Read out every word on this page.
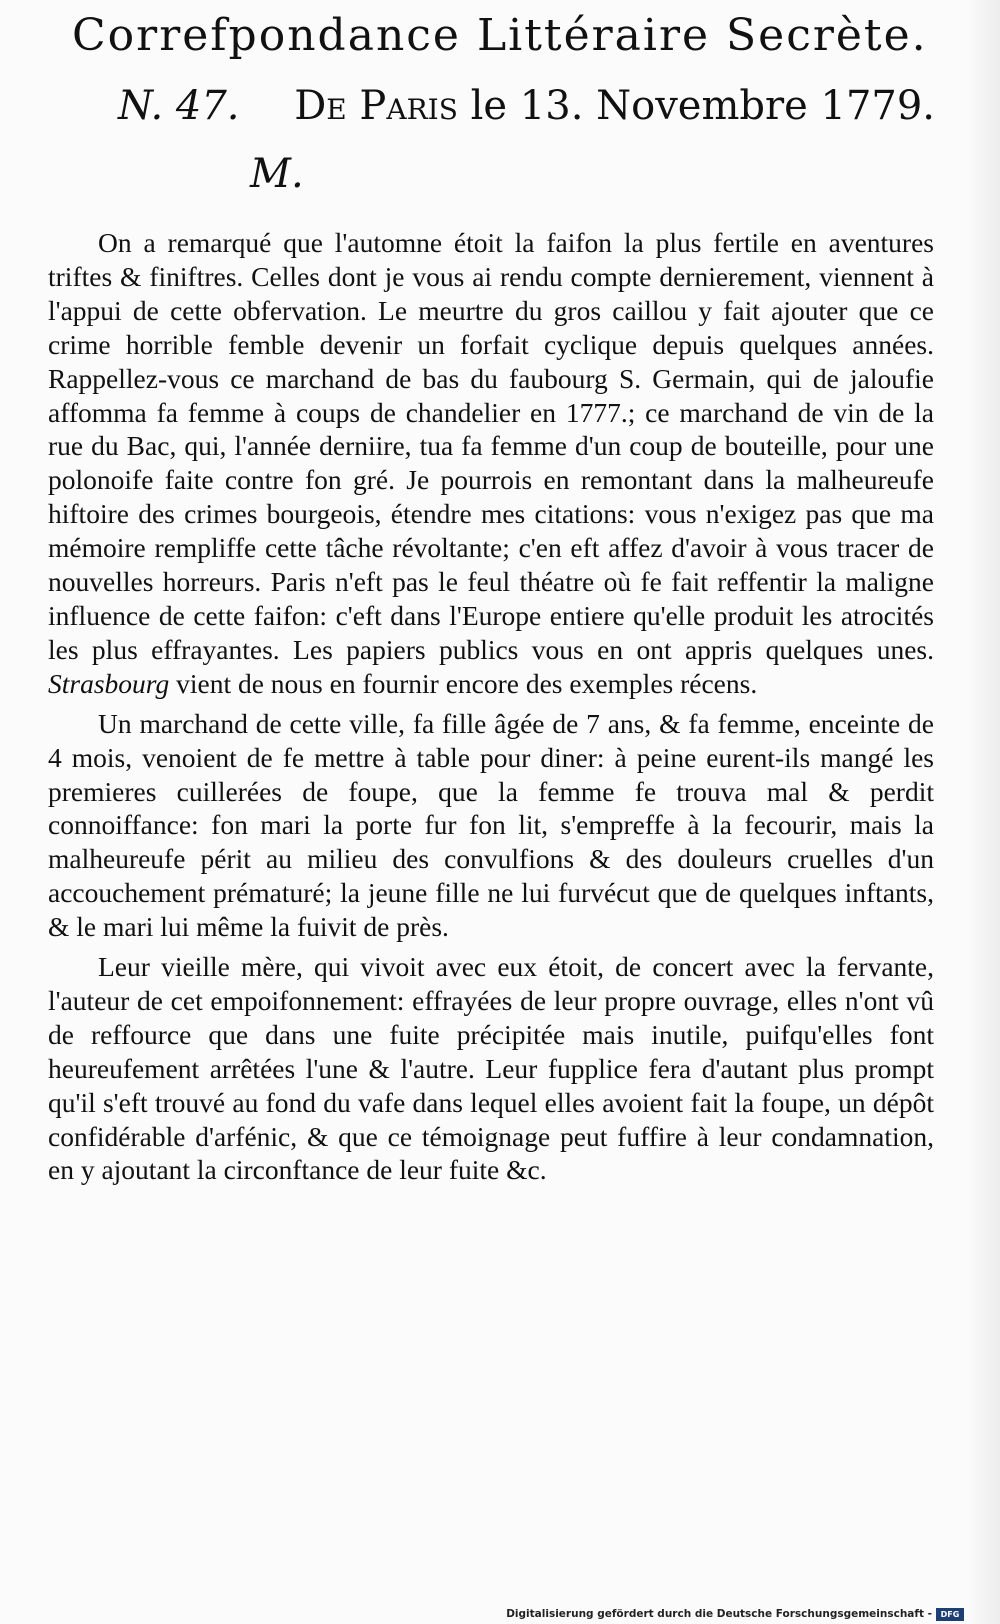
Correfpondance Littéraire Secrète.
N. 47. De Paris le 13. Novembre 1779.
M.

On a remarqué que l'automne étoit la faifon la plus fertile en aventures triftes & finiftres. Celles dont je vous ai rendu compte dernierement, viennent à l'appui de cette obfervation. Le meurtre du gros caillou y fait ajouter que ce crime horrible femble devenir un forfait cyclique depuis quelques années. Rappellez-vous ce marchand de bas du faubourg S. Germain, qui de jaloufie affomma fa femme à coups de chandelier en 1777.; ce marchand de vin de la rue du Bac, qui, l'année derniire, tua fa femme d'un coup de bouteille, pour une polonoife faite contre fon gré. Je pourrois en remontant dans la malheureufe hiftoire des crimes bourgeois, étendre mes citations: vous n'exigez pas que ma mémoire rempliffe cette tâche révoltante; c'en eft affez d'avoir à vous tracer de nouvelles horreurs. Paris n'eft pas le feul théatre où fe fait reffentir la maligne influence de cette faifon: c'eft dans l'Europe entiere qu'elle produit les atrocités les plus effrayantes. Les papiers publics vous en ont appris quelques unes. Strasbourg vient de nous en fournir encore des exemples récens.

Un marchand de cette ville, fa fille âgée de 7 ans, & fa femme, enceinte de 4 mois, venoient de fe mettre à table pour diner: à peine eurent-ils mangé les premieres cuillerées de foupe, que la femme fe trouva mal & perdit connoiffance: fon mari la porte fur fon lit, s'empreffe à la fecourir, mais la malheureufe périt au milieu des convulfions & des douleurs cruelles d'un accouchement prématuré; la jeune fille ne lui furvécut que de quelques inftants, & le mari lui même la fuivit de près.

Leur vieille mère, qui vivoit avec eux étoit, de concert avec la fervante, l'auteur de cet empoifonnement: effrayées de leur propre ouvrage, elles n'ont vû de reffource que dans une fuite précipitée mais inutile, puifqu'elles font heureufement arrêtées l'une & l'autre. Leur fupplice fera d'autant plus prompt qu'il s'eft trouvé au fond du vafe dans lequel elles avoient fait la foupe, un dépôt confidérable d'arfénic, & que ce témoignage peut fuffire à leur condamnation, en y ajoutant la circonftance de leur fuite &c.

Digitalisierung gefördert durch die Deutsche Forschungsgemeinschaft -	DFG
